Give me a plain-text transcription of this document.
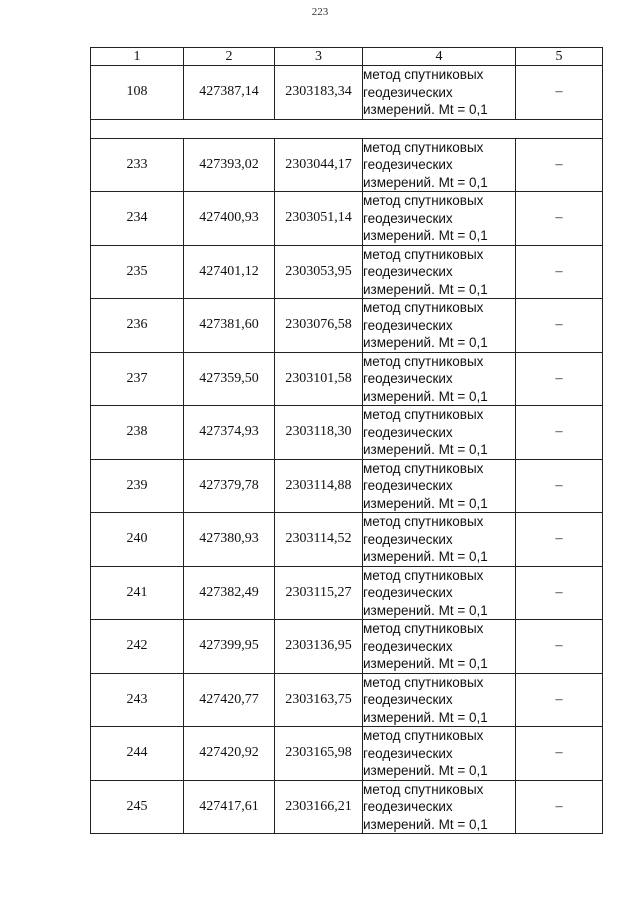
223
1	2	3	4	5
108	427387,14	2303183,34	метод спутниковых
геодезических
измерений. Mt = 0,1	–

233	427393,02	2303044,17	метод спутниковых
геодезических
измерений. Mt = 0,1	–
234	427400,93	2303051,14	метод спутниковых
геодезических
измерений. Mt = 0,1	–
235	427401,12	2303053,95	метод спутниковых
геодезических
измерений. Mt = 0,1	–
236	427381,60	2303076,58	метод спутниковых
геодезических
измерений. Mt = 0,1	–
237	427359,50	2303101,58	метод спутниковых
геодезических
измерений. Mt = 0,1	–
238	427374,93	2303118,30	метод спутниковых
геодезических
измерений. Mt = 0,1	–
239	427379,78	2303114,88	метод спутниковых
геодезических
измерений. Mt = 0,1	–
240	427380,93	2303114,52	метод спутниковых
геодезических
измерений. Mt = 0,1	–
241	427382,49	2303115,27	метод спутниковых
геодезических
измерений. Mt = 0,1	–
242	427399,95	2303136,95	метод спутниковых
геодезических
измерений. Mt = 0,1	–
243	427420,77	2303163,75	метод спутниковых
геодезических
измерений. Mt = 0,1	–
244	427420,92	2303165,98	метод спутниковых
геодезических
измерений. Mt = 0,1	–
245	427417,61	2303166,21	метод спутниковых
геодезических
измерений. Mt = 0,1	–
